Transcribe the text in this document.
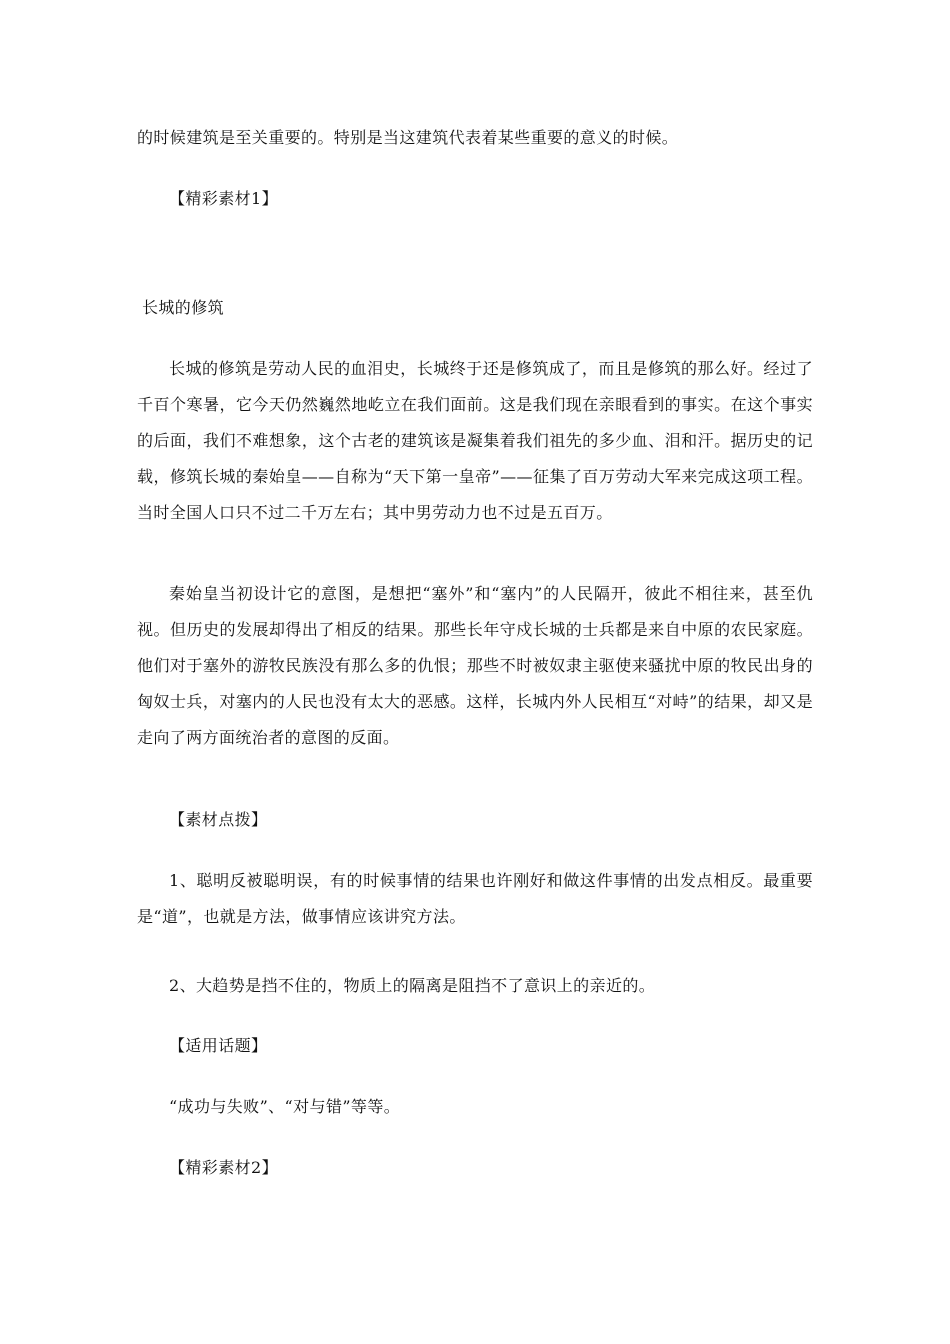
的时候建筑是至关重要的。特别是当这建筑代表着某些重要的意义的时候。
【精彩素材1】
长城的修筑
长城的修筑是劳动人民的血泪史，长城终于还是修筑成了，而且是修筑的那么好。经过了千百个寒暑，它今天仍然巍然地屹立在我们面前。这是我们现在亲眼看到的事实。在这个事实的后面，我们不难想象，这个古老的建筑该是凝集着我们祖先的多少血、泪和汗。据历史的记载，修筑长城的秦始皇——自称为“天下第一皇帝”——征集了百万劳动大军来完成这项工程。当时全国人口只不过二千万左右；其中男劳动力也不过是五百万。
秦始皇当初设计它的意图，是想把“塞外”和“塞内”的人民隔开，彼此不相往来，甚至仇视。但历史的发展却得出了相反的结果。那些长年守戍长城的士兵都是来自中原的农民家庭。他们对于塞外的游牧民族没有那么多的仇恨；那些不时被奴隶主驱使来骚扰中原的牧民出身的匈奴士兵，对塞内的人民也没有太大的恶感。这样，长城内外人民相互“对峙”的结果，却又是走向了两方面统治者的意图的反面。
【素材点拨】
1、聪明反被聪明误，有的时候事情的结果也许刚好和做这件事情的出发点相反。最重要是“道”，也就是方法，做事情应该讲究方法。
2、大趋势是挡不住的，物质上的隔离是阻挡不了意识上的亲近的。
【适用话题】
“成功与失败”、“对与错”等等。
【精彩素材2】
